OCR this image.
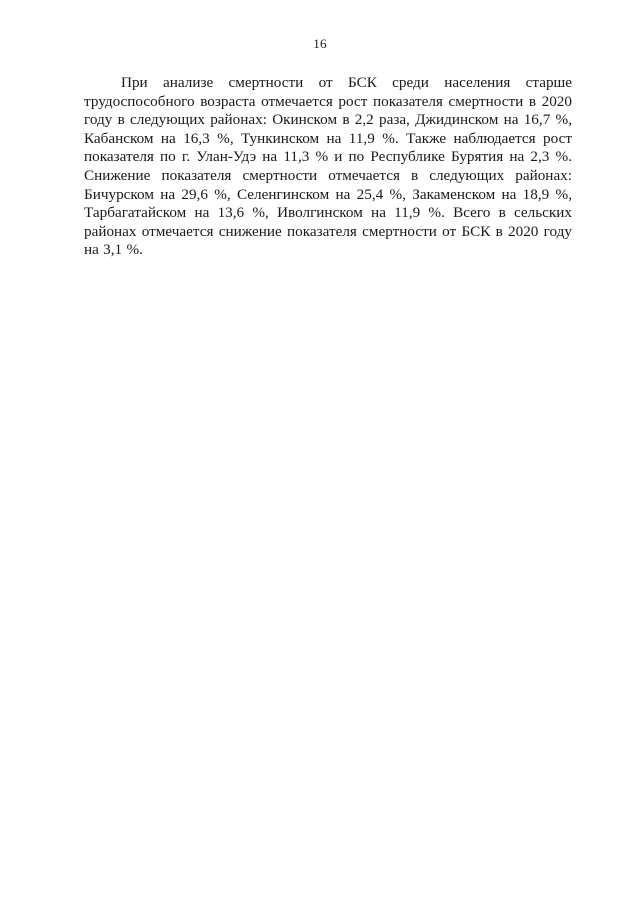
16

При анализе смертности от БСК среди населения старше трудоспособного возраста отмечается рост показателя смертности в 2020 году в следующих районах: Окинском в 2,2 раза, Джидинском на 16,7 %, Кабанском на 16,3 %, Тункинском на 11,9 %. Также наблюдается рост показателя по г. Улан-Удэ на 11,3 % и по Республике Бурятия на 2,3 %. Снижение показателя смертности отмечается в следующих районах: Бичурском на 29,6 %, Селенгинском на 25,4 %, Закаменском на 18,9 %, Тарбагатайском на 13,6 %, Иволгинском на 11,9 %. Всего в сельских районах отмечается снижение показателя смертности от БСК в 2020 году на 3,1 %.
